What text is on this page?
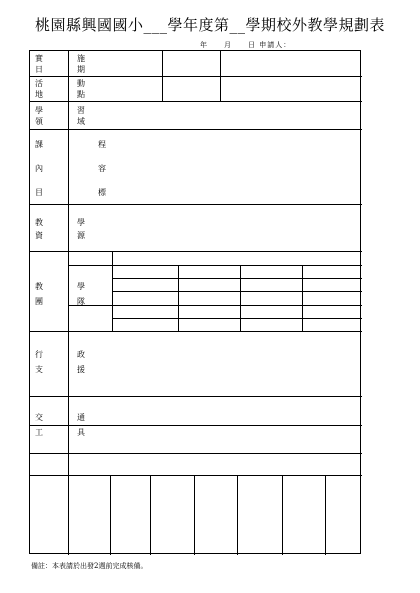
桃園縣興國國小___學年度第__學期校外教學規劃表
年　　月　　日 申請人：
實　施
日　期
活　動
地　點
學　習
領　域
課　　程
內　　容
目　　標
教　學
資　源
教　學
團　隊
行　政
支　援
交　通
工　具
備註：本表請於出發2週前完成核備。
